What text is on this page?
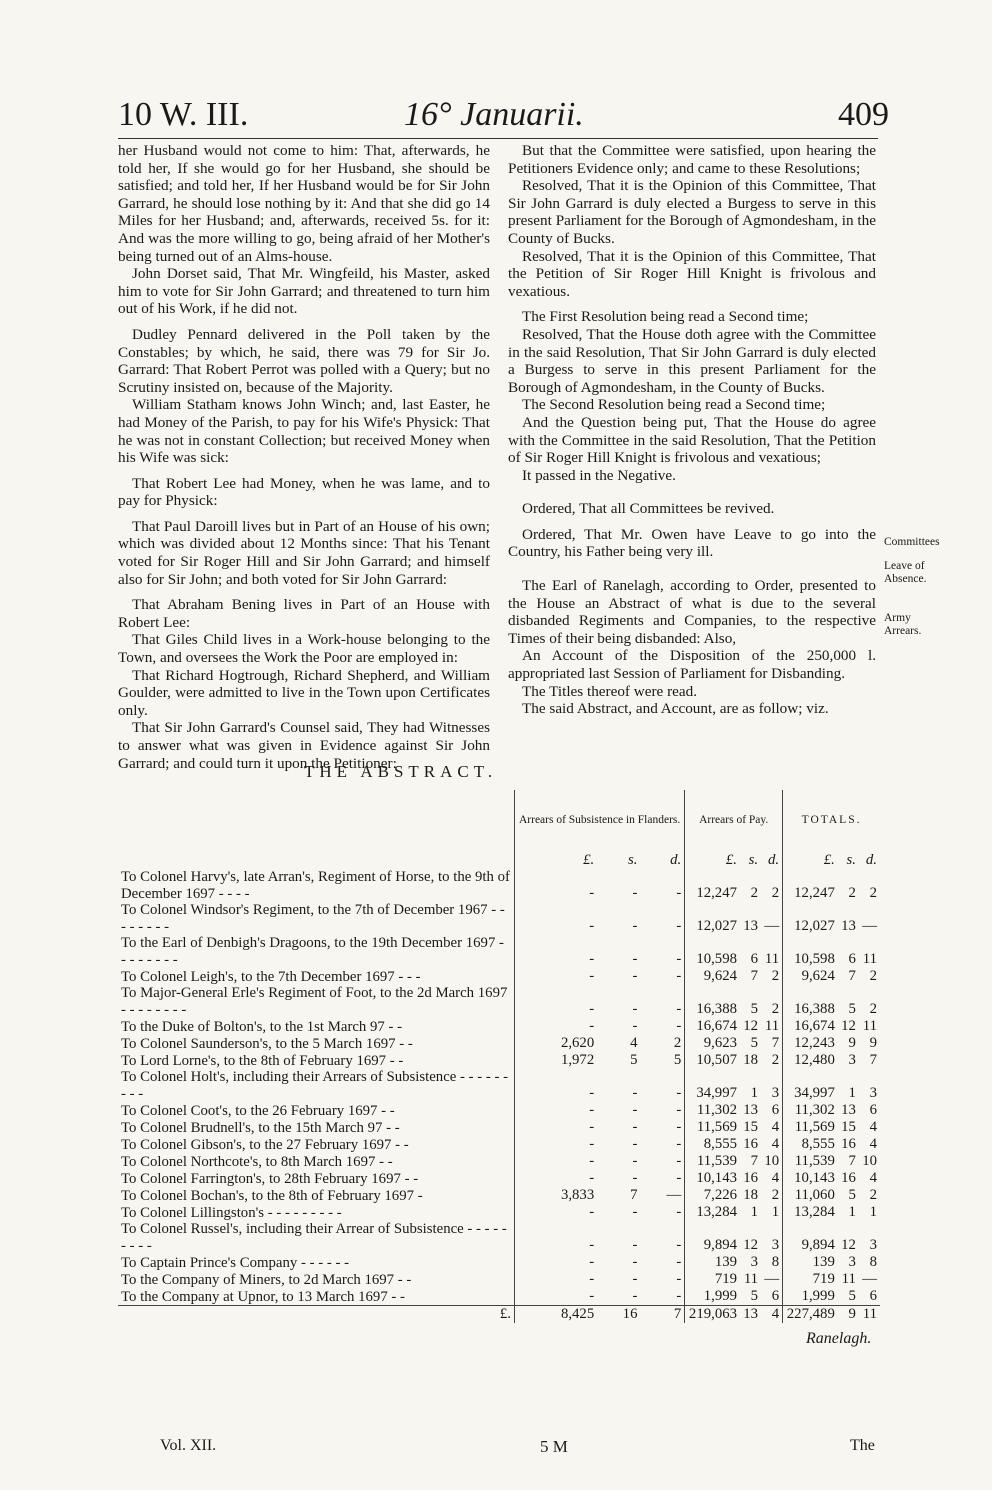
10 W. III.	16° Januarii.	409

her Husband would not come to him: That, afterwards, he told her, If she would go for her Husband, she should be satisfied; and told her, If her Husband would be for Sir John Garrard, he should lose nothing by it: And that she did go 14 Miles for her Husband; and, afterwards, received 5s. for it: And was the more willing to go, being afraid of her Mother's being turned out of an Alms-house.

John Dorset said, That Mr. Wingfeild, his Master, asked him to vote for Sir John Garrard; and threatened to turn him out of his Work, if he did not.

Dudley Pennard delivered in the Poll taken by the Constables; by which, he said, there was 79 for Sir Jo. Garrard: That Robert Perrot was polled with a Query; but no Scrutiny insisted on, because of the Majority.

William Statham knows John Winch; and, last Easter, he had Money of the Parish, to pay for his Wife's Physick: That he was not in constant Collection; but received Money when his Wife was sick:

That Robert Lee had Money, when he was lame, and to pay for Physick:

That Paul Daroill lives but in Part of an House of his own; which was divided about 12 Months since: That his Tenant voted for Sir Roger Hill and Sir John Garrard; and himself also for Sir John; and both voted for Sir John Garrard:

That Abraham Bening lives in Part of an House with Robert Lee:

That Giles Child lives in a Work-house belonging to the Town, and oversees the Work the Poor are employed in:

That Richard Hogtrough, Richard Shepherd, and William Goulder, were admitted to live in the Town upon Certificates only.

That Sir John Garrard's Counsel said, They had Witnesses to answer what was given in Evidence against Sir John Garrard; and could turn it upon the Petitioner:

But that the Committee were satisfied, upon hearing the Petitioners Evidence only; and came to these Resolutions;

Resolved, That it is the Opinion of this Committee, That Sir John Garrard is duly elected a Burgess to serve in this present Parliament for the Borough of Agmondesham, in the County of Bucks.

Resolved, That it is the Opinion of this Committee, That the Petition of Sir Roger Hill Knight is frivolous and vexatious.

The First Resolution being read a Second time;

Resolved, That the House doth agree with the Committee in the said Resolution, That Sir John Garrard is duly elected a Burgess to serve in this present Parliament for the Borough of Agmondesham, in the County of Bucks.

The Second Resolution being read a Second time;

And the Question being put, That the House do agree with the Committee in the said Resolution, That the Petition of Sir Roger Hill Knight is frivolous and vexatious;

It passed in the Negative.

Ordered, That all Committees be revived.

Ordered, That Mr. Owen have Leave to go into the Country, his Father being very ill.

The Earl of Ranelagh, according to Order, presented to the House an Abstract of what is due to the several disbanded Regiments and Companies, to the respective Times of their being disbanded: Also,

An Account of the Disposition of the 250,000 l. appropriated last Session of Parliament for Disbanding.

The Titles thereof were read.

The said Abstract, and Account, are as follow; viz.

Committees
Leave of Absence.
Army Arrears.
THE ABSTRACT.
	Arrears of Subsistence in Flanders.			Arrears of Pay.			TOTALS.		
	£.	s.	d.	£.	s.	d.	£.	s.	d.
To Colonel Harvy's, late Arran's, Regiment of Horse, to the 9th of December 1697 - - - -	-	-	-	12,247	2	2	12,247	2	2
To Colonel Windsor's Regiment, to the 7th of December 1967 - - - - - - - -	-	-	-	12,027	13	—	12,027	13	—
To the Earl of Denbigh's Dragoons, to the 19th December 1697 - - - - - - - -	-	-	-	10,598	6	11	10,598	6	11
To Colonel Leigh's, to the 7th December 1697 - - -	-	-	-	9,624	7	2	9,624	7	2
To Major-General Erle's Regiment of Foot, to the 2d March 1697 - - - - - - - -	-	-	-	16,388	5	2	16,388	5	2
To the Duke of Bolton's, to the 1st March 97 - -	-	-	-	16,674	12	11	16,674	12	11
To Colonel Saunderson's, to the 5 March 1697 - -	2,620	4	2	9,623	5	7	12,243	9	9
To Lord Lorne's, to the 8th of February 1697 - -	1,972	5	5	10,507	18	2	12,480	3	7
To Colonel Holt's, including their Arrears of Subsistence - - - - - - - - -	-	-	-	34,997	1	3	34,997	1	3
To Colonel Coot's, to the 26 February 1697 - -	-	-	-	11,302	13	6	11,302	13	6
To Colonel Brudnell's, to the 15th March 97 - -	-	-	-	11,569	15	4	11,569	15	4
To Colonel Gibson's, to the 27 February 1697 - -	-	-	-	8,555	16	4	8,555	16	4
To Colonel Northcote's, to 8th March 1697 - -	-	-	-	11,539	7	10	11,539	7	10
To Colonel Farrington's, to 28th February 1697 - -	-	-	-	10,143	16	4	10,143	16	4
To Colonel Bochan's, to the 8th of February 1697 -	3,833	7	—	7,226	18	2	11,060	5	2
To Colonel Lillingston's - - - - - - - - -	-	-	-	13,284	1	1	13,284	1	1
To Colonel Russel's, including their Arrear of Subsistence - - - - - - - - -	-	-	-	9,894	12	3	9,894	12	3
To Captain Prince's Company - - - - - -	-	-	-	139	3	8	139	3	8
To the Company of Miners, to 2d March 1697 - -	-	-	-	719	11	—	719	11	—
To the Company at Upnor, to 13 March 1697 - -	-	-	-	1,999	5	6	1,999	5	6
£.	8,425	16	7	219,063	13	4	227,489	9	11
Ranelagh.
Vol. XII.	5 M	The
